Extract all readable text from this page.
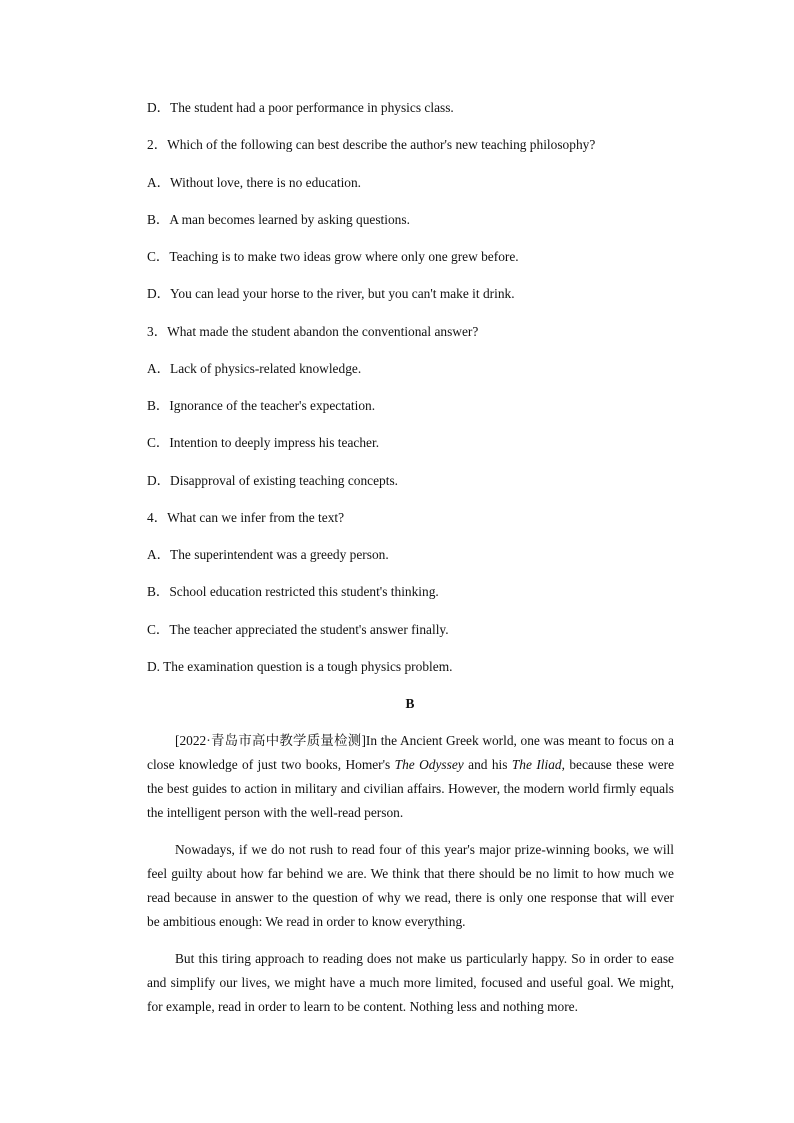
D．The student had a poor performance in physics class.
2．Which of the following can best describe the author's new teaching philosophy?
A．Without love, there is no education.
B．A man becomes learned by asking questions.
C．Teaching is to make two ideas grow where only one grew before.
D．You can lead your horse to the river, but you can't make it drink.
3．What made the student abandon the conventional answer?
A．Lack of physics-related knowledge.
B．Ignorance of the teacher's expectation.
C．Intention to deeply impress his teacher.
D．Disapproval of existing teaching concepts.
4．What can we infer from the text?
A．The superintendent was a greedy person.
B．School education restricted this student's thinking.
C．The teacher appreciated the student's answer finally.
D. The examination question is a tough physics problem.
B

[2022·青岛市高中教学质量检测]In the Ancient Greek world, one was meant to focus on a close knowledge of just two books, Homer's The Odyssey and his The Iliad, because these were the best guides to action in military and civilian affairs. However, the modern world firmly equals the intelligent person with the well-read person.

Nowadays, if we do not rush to read four of this year's major prize-winning books, we will feel guilty about how far behind we are. We think that there should be no limit to how much we read because in answer to the question of why we read, there is only one response that will ever be ambitious enough: We read in order to know everything.

But this tiring approach to reading does not make us particularly happy. So in order to ease and simplify our lives, we might have a much more limited, focused and useful goal. We might, for example, read in order to learn to be content. Nothing less and nothing more.
